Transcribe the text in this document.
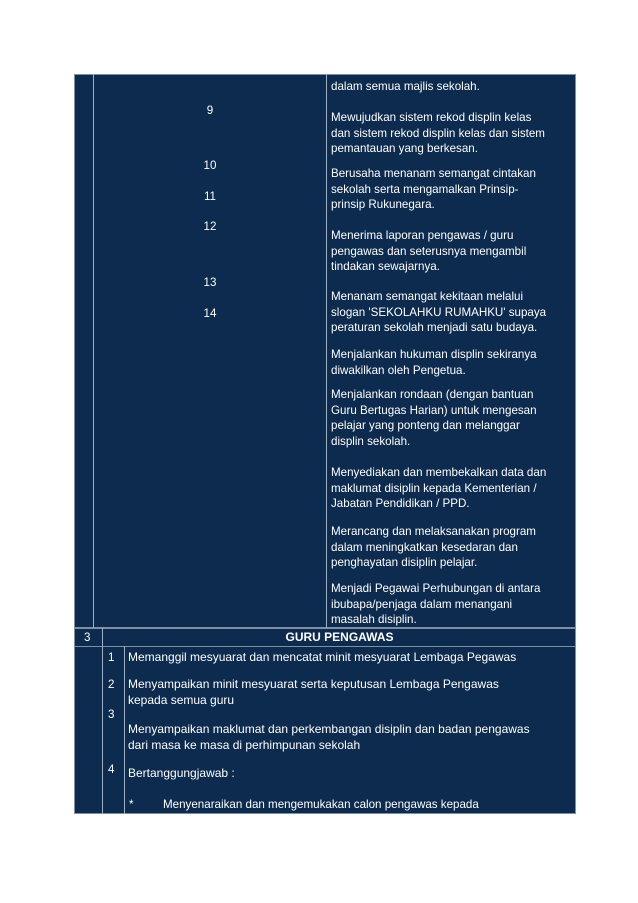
9
10
11
12
13
14
dalam semua majlis sekolah.
Mewujudkan sistem rekod displin kelas
dan sistem rekod displin kelas dan sistem
pemantauan yang berkesan.
Berusaha menanam semangat cintakan
sekolah serta mengamalkan Prinsip-
prinsip Rukunegara.
Menerima laporan pengawas / guru
pengawas dan seterusnya mengambil
tindakan sewajarnya.
Menanam semangat kekitaan melalui
slogan 'SEKOLAHKU RUMAHKU' supaya
peraturan sekolah menjadi satu budaya.
Menjalankan hukuman displin sekiranya
diwakilkan oleh Pengetua.
Menjalankan rondaan (dengan bantuan
Guru Bertugas Harian) untuk mengesan
pelajar yang ponteng dan melanggar
displin sekolah.
Menyediakan dan membekalkan data dan
maklumat disiplin kepada Kementerian /
Jabatan Pendidikan / PPD.
Merancang dan melaksanakan program
dalam meningkatkan kesedaran dan
penghayatan disiplin pelajar.
Menjadi Pegawai Perhubungan di antara
ibubapa/penjaga dalam menangani
masalah disiplin.
3	GURU PENGAWAS
1
2
3
4
Memanggil mesyuarat dan mencatat minit mesyuarat Lembaga Pegawas
Menyampaikan minit mesyuarat serta keputusan Lembaga Pengawas
kepada semua guru
Menyampaikan maklumat dan perkembangan disiplin dan badan pengawas
dari masa ke masa di perhimpunan sekolah
Bertanggungjawab :
*	Menyenaraikan dan mengemukakan calon pengawas kepada
